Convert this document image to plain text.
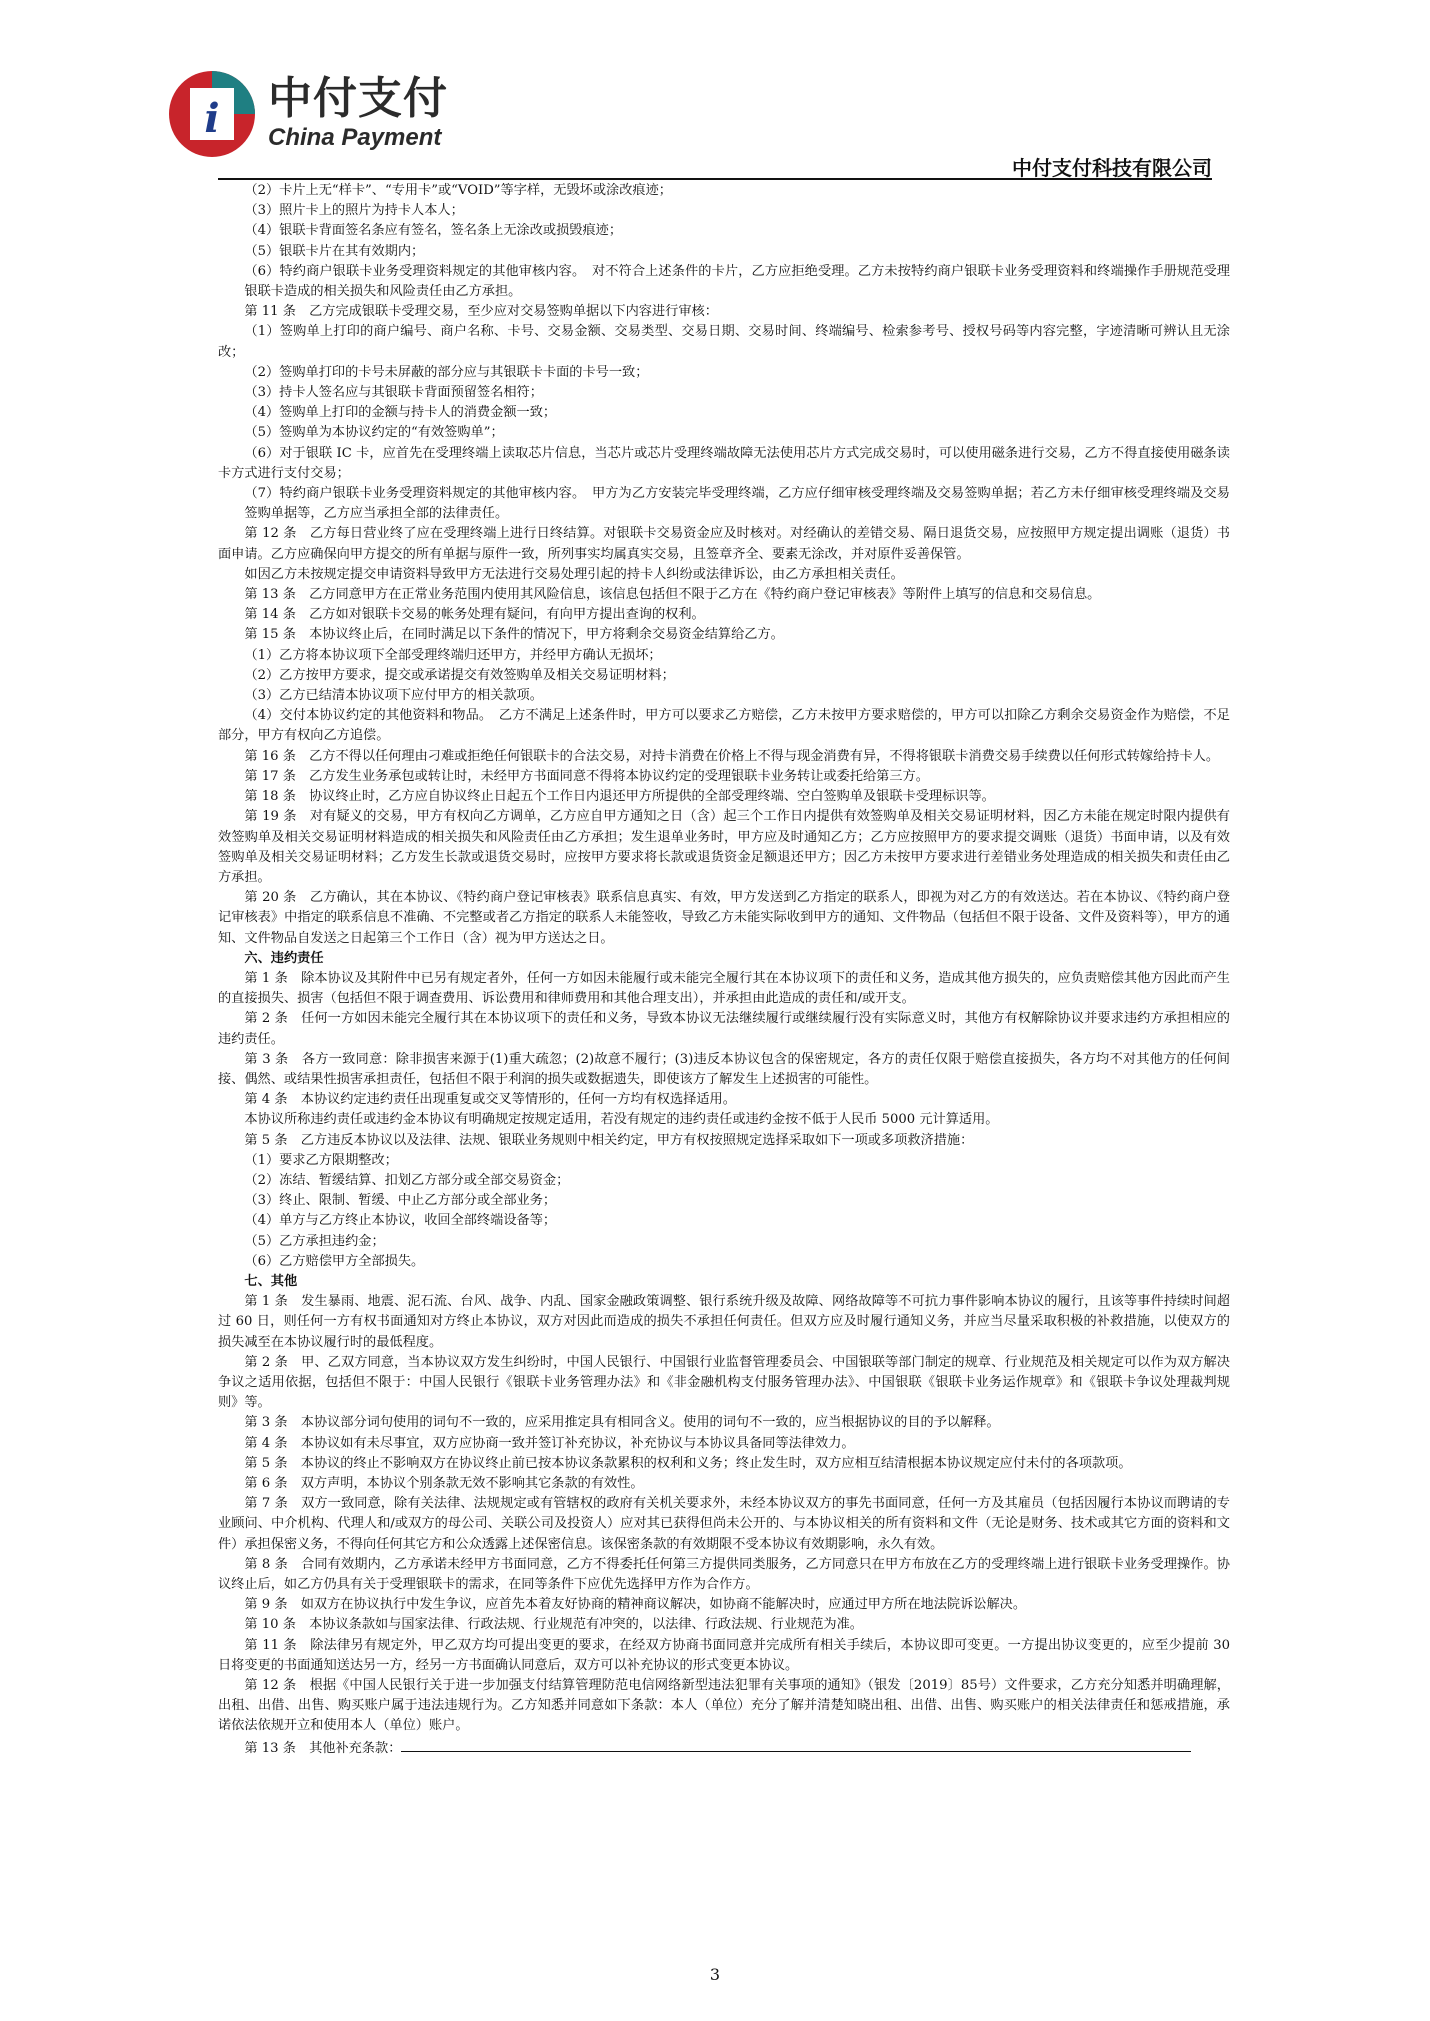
i 中付支付
China Payment
中付支付科技有限公司

（2）卡片上无“样卡”、“专用卡”或“VOID”等字样，无毁坏或涂改痕迹；

（3）照片卡上的照片为持卡人本人；

（4）银联卡背面签名条应有签名，签名条上无涂改或损毁痕迹；

（5）银联卡片在其有效期内；

（6）特约商户银联卡业务受理资料规定的其他审核内容。　对不符合上述条件的卡片，乙方应拒绝受理。乙方未按特约商户银联卡业务受理资料和终端操作手册规范受理银联卡造成的相关损失和风险责任由乙方承担。

第 11 条　乙方完成银联卡受理交易，至少应对交易签购单据以下内容进行审核：

（1）签购单上打印的商户编号、商户名称、卡号、交易金额、交易类型、交易日期、交易时间、终端编号、检索参考号、授权号码等内容完整，字迹清晰可辨认且无涂改；

（2）签购单打印的卡号未屏蔽的部分应与其银联卡卡面的卡号一致；

（3）持卡人签名应与其银联卡背面预留签名相符；

（4）签购单上打印的金额与持卡人的消费金额一致；

（5）签购单为本协议约定的“有效签购单”；

（6）对于银联 IC 卡，应首先在受理终端上读取芯片信息，当芯片或芯片受理终端故障无法使用芯片方式完成交易时，可以使用磁条进行交易，乙方不得直接使用磁条读卡方式进行支付交易；

（7）特约商户银联卡业务受理资料规定的其他审核内容。　甲方为乙方安装完毕受理终端，乙方应仔细审核受理终端及交易签购单据；若乙方未仔细审核受理终端及交易签购单据等，乙方应当承担全部的法律责任。

第 12 条　乙方每日营业终了应在受理终端上进行日终结算。对银联卡交易资金应及时核对。对经确认的差错交易、隔日退货交易，应按照甲方规定提出调账（退货）书面申请。乙方应确保向甲方提交的所有单据与原件一致，所列事实均属真实交易，且签章齐全、要素无涂改，并对原件妥善保管。

如因乙方未按规定提交申请资料导致甲方无法进行交易处理引起的持卡人纠纷或法律诉讼，由乙方承担相关责任。

第 13 条　乙方同意甲方在正常业务范围内使用其风险信息，该信息包括但不限于乙方在《特约商户登记审核表》等附件上填写的信息和交易信息。

第 14 条　乙方如对银联卡交易的帐务处理有疑问，有向甲方提出查询的权利。

第 15 条　本协议终止后，在同时满足以下条件的情况下，甲方将剩余交易资金结算给乙方。

（1）乙方将本协议项下全部受理终端归还甲方，并经甲方确认无损坏；

（2）乙方按甲方要求，提交或承诺提交有效签购单及相关交易证明材料；

（3）乙方已结清本协议项下应付甲方的相关款项。

（4）交付本协议约定的其他资料和物品。　乙方不满足上述条件时，甲方可以要求乙方赔偿，乙方未按甲方要求赔偿的，甲方可以扣除乙方剩余交易资金作为赔偿，不足部分，甲方有权向乙方追偿。

第 16 条　乙方不得以任何理由刁难或拒绝任何银联卡的合法交易，对持卡消费在价格上不得与现金消费有异，不得将银联卡消费交易手续费以任何形式转嫁给持卡人。

第 17 条　乙方发生业务承包或转让时，未经甲方书面同意不得将本协议约定的受理银联卡业务转让或委托给第三方。

第 18 条　协议终止时，乙方应自协议终止日起五个工作日内退还甲方所提供的全部受理终端、空白签购单及银联卡受理标识等。

第 19 条　对有疑义的交易，甲方有权向乙方调单，乙方应自甲方通知之日（含）起三个工作日内提供有效签购单及相关交易证明材料，因乙方未能在规定时限内提供有效签购单及相关交易证明材料造成的相关损失和风险责任由乙方承担；发生退单业务时，甲方应及时通知乙方；乙方应按照甲方的要求提交调账（退货）书面申请，以及有效签购单及相关交易证明材料；乙方发生长款或退货交易时，应按甲方要求将长款或退货资金足额退还甲方；因乙方未按甲方要求进行差错业务处理造成的相关损失和责任由乙方承担。

第 20 条　乙方确认，其在本协议、《特约商户登记审核表》联系信息真实、有效，甲方发送到乙方指定的联系人，即视为对乙方的有效送达。若在本协议、《特约商户登记审核表》中指定的联系信息不准确、不完整或者乙方指定的联系人未能签收，导致乙方未能实际收到甲方的通知、文件物品（包括但不限于设备、文件及资料等），甲方的通知、文件物品自发送之日起第三个工作日（含）视为甲方送达之日。

六、违约责任

第 1 条　除本协议及其附件中已另有规定者外，任何一方如因未能履行或未能完全履行其在本协议项下的责任和义务，造成其他方损失的，应负责赔偿其他方因此而产生的直接损失、损害（包括但不限于调查费用、诉讼费用和律师费用和其他合理支出），并承担由此造成的责任和/或开支。

第 2 条　任何一方如因未能完全履行其在本协议项下的责任和义务，导致本协议无法继续履行或继续履行没有实际意义时，其他方有权解除协议并要求违约方承担相应的违约责任。

第 3 条　各方一致同意：除非损害来源于(1)重大疏忽；(2)故意不履行；(3)违反本协议包含的保密规定，各方的责任仅限于赔偿直接损失，各方均不对其他方的任何间接、偶然、或结果性损害承担责任，包括但不限于利润的损失或数据遗失，即使该方了解发生上述损害的可能性。

第 4 条　本协议约定违约责任出现重复或交叉等情形的，任何一方均有权选择适用。

本协议所称违约责任或违约金本协议有明确规定按规定适用，若没有规定的违约责任或违约金按不低于人民币 5000 元计算适用。

第 5 条　乙方违反本协议以及法律、法规、银联业务规则中相关约定，甲方有权按照规定选择采取如下一项或多项救济措施：

（1）要求乙方限期整改；

（2）冻结、暂缓结算、扣划乙方部分或全部交易资金；

（3）终止、限制、暂缓、中止乙方部分或全部业务；

（4）单方与乙方终止本协议，收回全部终端设备等；

（5）乙方承担违约金；

（6）乙方赔偿甲方全部损失。

七、其他

第 1 条　发生暴雨、地震、泥石流、台风、战争、内乱、国家金融政策调整、银行系统升级及故障、网络故障等不可抗力事件影响本协议的履行，且该等事件持续时间超过 60 日，则任何一方有权书面通知对方终止本协议，双方对因此而造成的损失不承担任何责任。但双方应及时履行通知义务，并应当尽量采取积极的补救措施，以使双方的损失减至在本协议履行时的最低程度。

第 2 条　甲、乙双方同意，当本协议双方发生纠纷时，中国人民银行、中国银行业监督管理委员会、中国银联等部门制定的规章、行业规范及相关规定可以作为双方解决争议之适用依据，包括但不限于：中国人民银行《银联卡业务管理办法》和《非金融机构支付服务管理办法》、中国银联《银联卡业务运作规章》和《银联卡争议处理裁判规则》等。

第 3 条　本协议部分词句使用的词句不一致的，应采用推定具有相同含义。使用的词句不一致的，应当根据协议的目的予以解释。

第 4 条　本协议如有未尽事宜，双方应协商一致并签订补充协议，补充协议与本协议具备同等法律效力。

第 5 条　本协议的终止不影响双方在协议终止前已按本协议条款累积的权利和义务；终止发生时，双方应相互结清根据本协议规定应付未付的各项款项。

第 6 条　双方声明，本协议个别条款无效不影响其它条款的有效性。

第 7 条　双方一致同意，除有关法律、法规规定或有管辖权的政府有关机关要求外，未经本协议双方的事先书面同意，任何一方及其雇员（包括因履行本协议而聘请的专业顾问、中介机构、代理人和/或双方的母公司、关联公司及投资人）应对其已获得但尚未公开的、与本协议相关的所有资料和文件（无论是财务、技术或其它方面的资料和文件）承担保密义务，不得向任何其它方和公众透露上述保密信息。该保密条款的有效期限不受本协议有效期影响，永久有效。

第 8 条　合同有效期内，乙方承诺未经甲方书面同意，乙方不得委托任何第三方提供同类服务，乙方同意只在甲方布放在乙方的受理终端上进行银联卡业务受理操作。协议终止后，如乙方仍具有关于受理银联卡的需求，在同等条件下应优先选择甲方作为合作方。

第 9 条　如双方在协议执行中发生争议，应首先本着友好协商的精神商议解决，如协商不能解决时，应通过甲方所在地法院诉讼解决。

第 10 条　本协议条款如与国家法律、行政法规、行业规范有冲突的，以法律、行政法规、行业规范为准。

第 11 条　除法律另有规定外，甲乙双方均可提出变更的要求，在经双方协商书面同意并完成所有相关手续后，本协议即可变更。一方提出协议变更的，应至少提前 30 日将变更的书面通知送达另一方，经另一方书面确认同意后，双方可以补充协议的形式变更本协议。

第 12 条　根据《中国人民银行关于进一步加强支付结算管理防范电信网络新型违法犯罪有关事项的通知》（银发〔2019〕85号）文件要求，乙方充分知悉并明确理解，出租、出借、出售、购买账户属于违法违规行为。乙方知悉并同意如下条款：本人（单位）充分了解并清楚知晓出租、出借、出售、购买账户的相关法律责任和惩戒措施，承诺依法依规开立和使用本人（单位）账户。

第 13 条　其他补充条款：

3
